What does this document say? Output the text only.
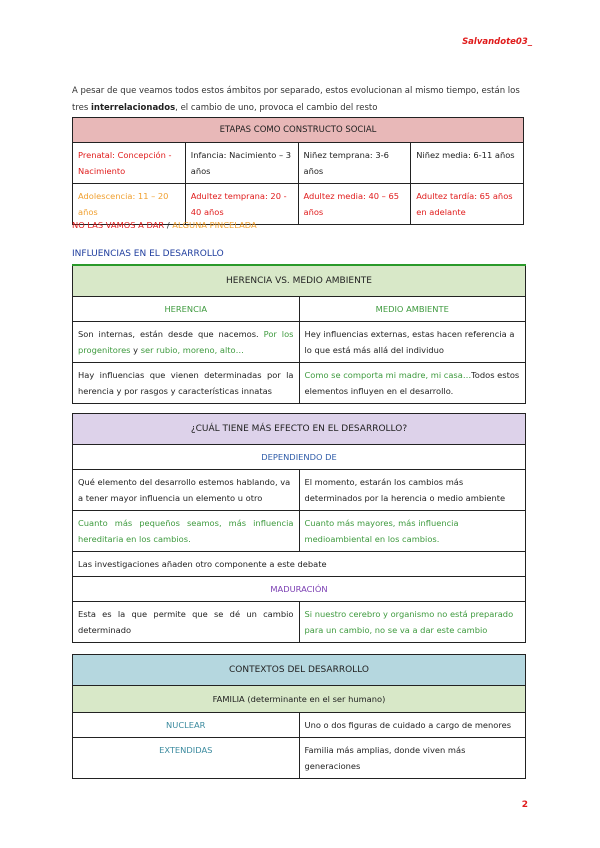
Salvandote03_

A pesar de que veamos todos estos ámbitos por separado, estos evolucionan al mismo tiempo, están los tres interrelacionados, el cambio de uno, provoca el cambio del resto

ETAPAS COMO CONSTRUCTO SOCIAL			
Prenatal: Concepción - Nacimiento	Infancia: Nacimiento – 3 años	Niñez temprana: 3-6 años	Niñez media: 6-11 años
Adolescencia: 11 – 20 años	Adultez temprana: 20 - 40 años	Adultez media: 40 – 65 años	Adultez tardía: 65 años en adelante
NO LAS VAMOS A DAR / ALGUNA PINCELADA
INFLUENCIAS EN EL DESARROLLO
HERENCIA VS. MEDIO AMBIENTE	
HERENCIA	MEDIO AMBIENTE
Son internas, están desde que nacemos. Por los progenitores y ser rubio, moreno, alto…	Hey influencias externas, estas hacen referencia a lo que está más allá del individuo
Hay influencias que vienen determinadas por la herencia y por rasgos y características innatas	Como se comporta mi madre, mi casa…Todos estos elementos influyen en el desarrollo.
¿CUÁL TIENE MÁS EFECTO EN EL DESARROLLO?	
DEPENDIENDO DE	
Qué elemento del desarrollo estemos hablando, va a tener mayor influencia un elemento u otro	El momento, estarán los cambios más determinados por la herencia o medio ambiente
Cuanto más pequeños seamos, más influencia hereditaria en los cambios.	Cuanto más mayores, más influencia medioambiental en los cambios.
Las investigaciones añaden otro componente a este debate	
MADURACIÓN	
Esta es la que permite que se dé un cambio determinado	Si nuestro cerebro y organismo no está preparado para un cambio, no se va a dar este cambio
CONTEXTOS DEL DESARROLLO	
FAMILIA (determinante en el ser humano)	
NUCLEAR	Uno o dos figuras de cuidado a cargo de menores
EXTENDIDAS	Familia más amplias, donde viven más generaciones
2
